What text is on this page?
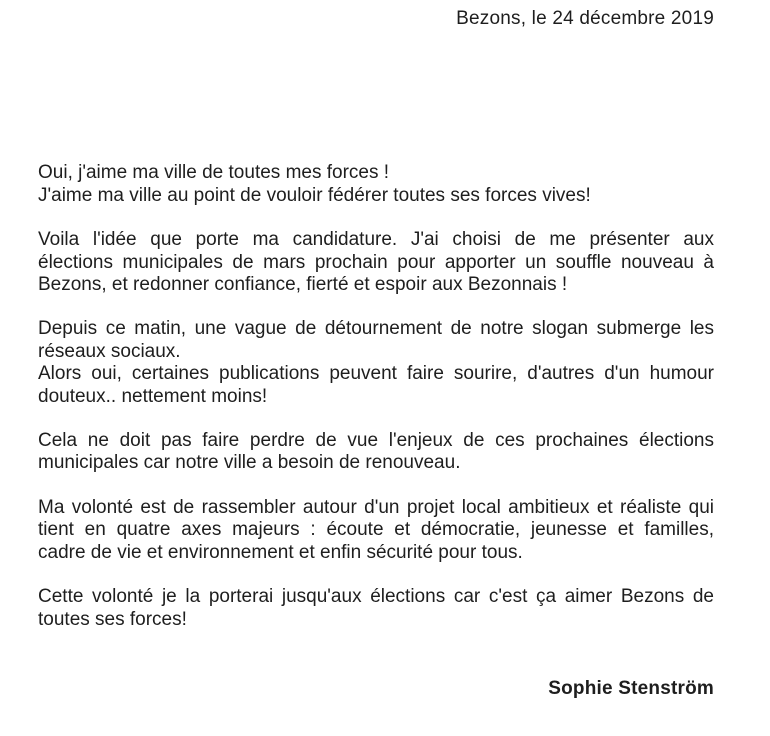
Bezons, le 24 décembre 2019

Oui, j'aime ma ville de toutes mes forces !
J'aime ma ville au point de vouloir fédérer toutes ses forces vives!

Voila l'idée que porte ma candidature. J'ai choisi de me présenter aux
élections municipales de mars prochain pour apporter un souffle nouveau à
Bezons, et redonner confiance, fierté et espoir aux Bezonnais !

Depuis ce matin, une vague de détournement de notre slogan submerge les
réseaux sociaux.
Alors oui, certaines publications peuvent faire sourire, d'autres d'un humour
douteux.. nettement moins!

Cela ne doit pas faire perdre de vue l'enjeux de ces prochaines élections
municipales car notre ville a besoin de renouveau.

Ma volonté est de rassembler autour d'un projet local ambitieux et réaliste qui
tient en quatre axes majeurs : écoute et démocratie, jeunesse et familles,
cadre de vie et environnement et enfin sécurité pour tous.

Cette volonté je la porterai jusqu'aux élections car c'est ça aimer Bezons de
toutes ses forces!

Sophie Stenström
